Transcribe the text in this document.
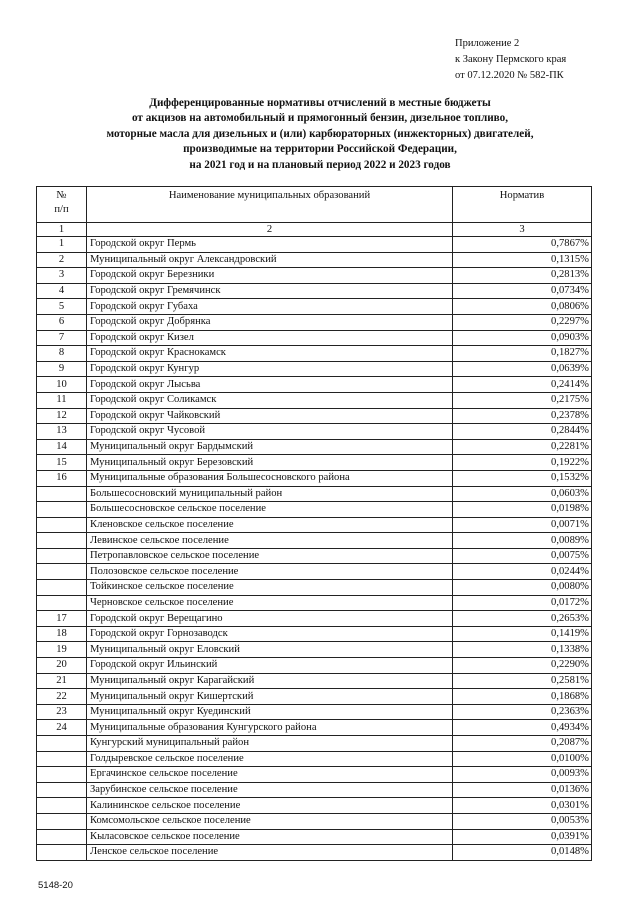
Приложение 2
к Закону Пермского края
от 07.12.2020 № 582-ПК
Дифференцированные нормативы отчислений в местные бюджеты
от акцизов на автомобильный и прямогонный бензин, дизельное топливо,
моторные масла для дизельных и (или) карбюраторных (инжекторных) двигателей,
производимые на территории Российской Федерации,
на 2021 год и на плановый период 2022 и 2023 годов
№
п/п	Наименование муниципальных образований	Норматив
1	2	3
1	Городской округ Пермь	0,7867%
2	Муниципальный округ Александровский	0,1315%
3	Городской округ Березники	0,2813%
4	Городской округ Гремячинск	0,0734%
5	Городской округ Губаха	0,0806%
6	Городской округ Добрянка	0,2297%
7	Городской округ Кизел	0,0903%
8	Городской округ Краснокамск	0,1827%
9	Городской округ Кунгур	0,0639%
10	Городской округ Лысьва	0,2414%
11	Городской округ Соликамск	0,2175%
12	Городской округ Чайковский	0,2378%
13	Городской округ Чусовой	0,2844%
14	Муниципальный округ Бардымский	0,2281%
15	Муниципальный округ Березовский	0,1922%
16	Муниципальные образования Большесосновского района	0,1532%
	Большесосновский муниципальный район	0,0603%
	Большесосновское сельское поселение	0,0198%
	Кленовское сельское поселение	0,0071%
	Левинское сельское поселение	0,0089%
	Петропавловское сельское поселение	0,0075%
	Полозовское сельское поселение	0,0244%
	Тойкинское сельское поселение	0,0080%
	Черновское сельское поселение	0,0172%
17	Городской округ Верещагино	0,2653%
18	Городской округ Горнозаводск	0,1419%
19	Муниципальный округ Еловский	0,1338%
20	Городской округ Ильинский	0,2290%
21	Муниципальный округ Карагайский	0,2581%
22	Муниципальный округ Кишертский	0,1868%
23	Муниципальный округ Куединский	0,2363%
24	Муниципальные образования Кунгурского района	0,4934%
	Кунгурский муниципальный район	0,2087%
	Голдыревское сельское поселение	0,0100%
	Ергачинское сельское поселение	0,0093%
	Зарубинское сельское поселение	0,0136%
	Калининское сельское поселение	0,0301%
	Комсомольское сельское поселение	0,0053%
	Кыласовское сельское поселение	0,0391%
	Ленское сельское поселение	0,0148%
5148-20
